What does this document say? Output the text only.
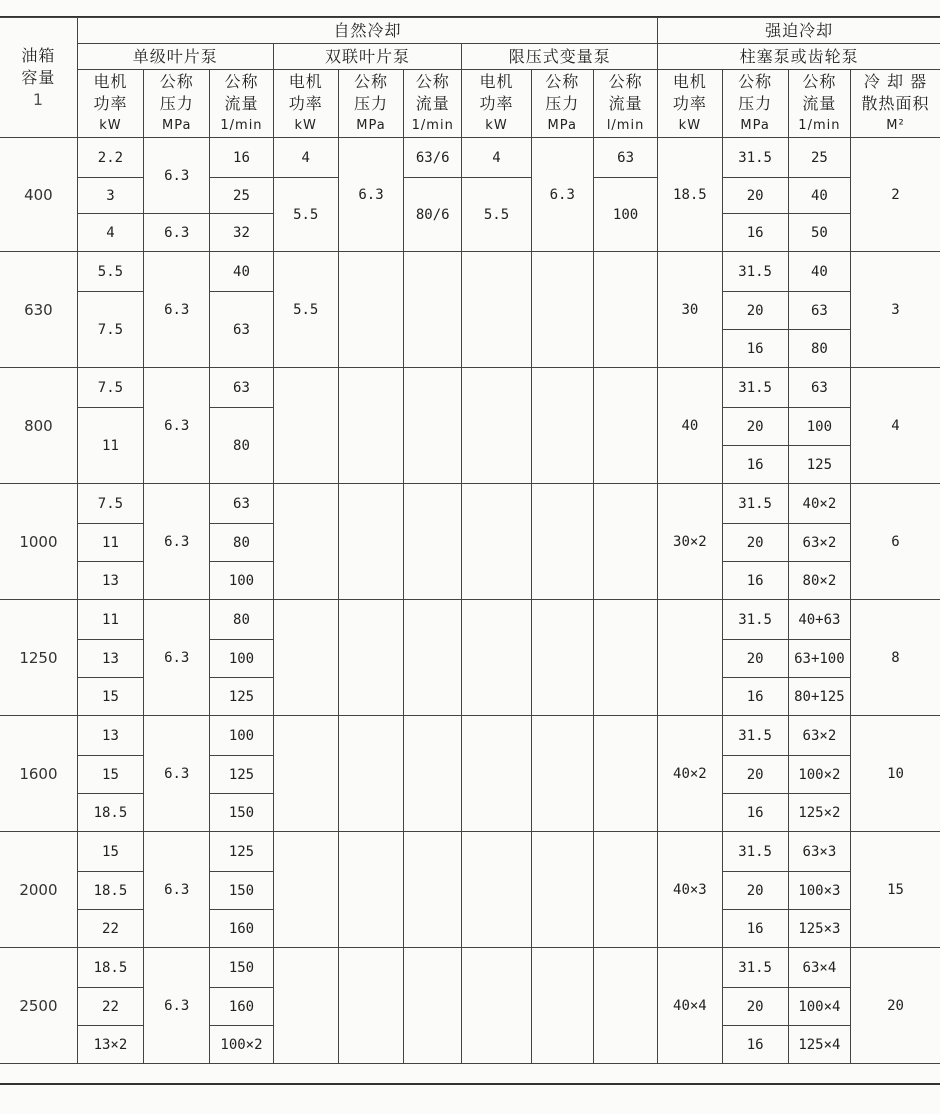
油箱
容量
1	自然冷却									强迫冷却			
	单级叶片泵			双联叶片泵			限压式变量泵			柱塞泵或齿轮泵			

	电机
功率
kW	公称
压力
MPa	公称
流量
1/min	电机
功率
kW	公称
压力
MPa	公称
流量
1/min	电机
功率
kW	公称
压力
MPa	公称
流量
l/min	电机
功率
kW	公称
压力
MPa	公称
流量
1/min	冷 却 器
散热面积
M²

400	2.2	6.3	16	4	6.3	63/6	4	6.3	63	18.5	31.5	25	2
	3		25	5.5		80/6	5.5		100		20	40	
	4	6.3	32								16	50	
630	5.5	6.3	40	5.5						30	31.5	40	3
	7.5		63								20	63	
											16	80	
800	7.5	6.3	63							40	31.5	63	4
	11		80								20	100	
											16	125	
1000	7.5	6.3	63							30×2	31.5	40×2	6
	11		80								20	63×2	
	13		100								16	80×2	
1250	11	6.3	80								31.5	40+63	8
	13		100								20	63+100	
	15		125								16	80+125	
1600	13	6.3	100							40×2	31.5	63×2	10
	15		125								20	100×2	
	18.5		150								16	125×2	
2000	15	6.3	125							40×3	31.5	63×3	15
	18.5		150								20	100×3	
	22		160								16	125×3	
2500	18.5	6.3	150							40×4	31.5	63×4	20
	22		160								20	100×4	
	13×2		100×2								16	125×4	
